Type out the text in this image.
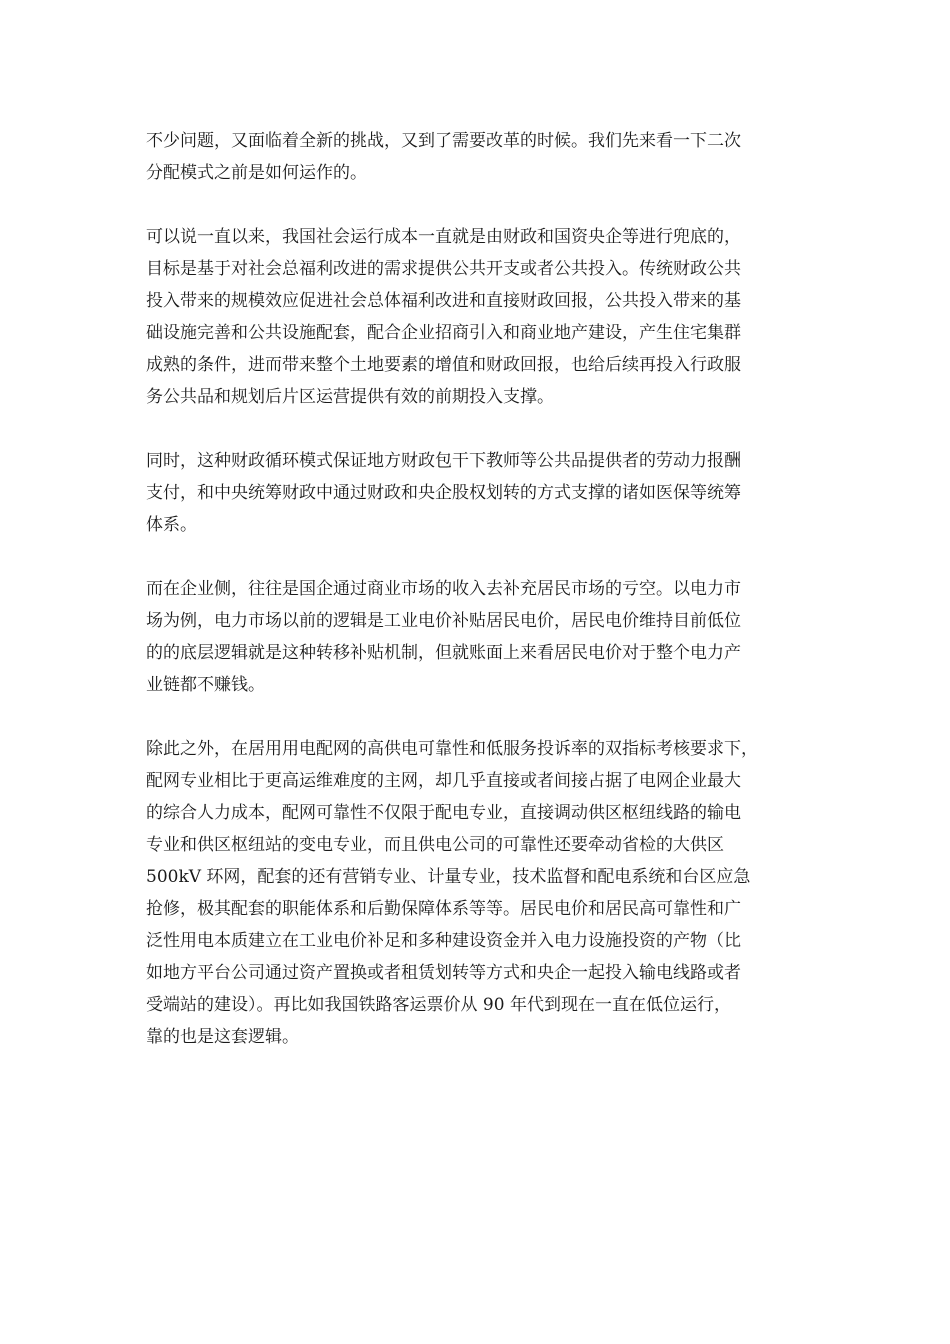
不少问题，又面临着全新的挑战，又到了需要改革的时候。我们先来看一下二次
分配模式之前是如何运作的。

可以说一直以来，我国社会运行成本一直就是由财政和国资央企等进行兜底的，
目标是基于对社会总福利改进的需求提供公共开支或者公共投入。传统财政公共
投入带来的规模效应促进社会总体福利改进和直接财政回报，公共投入带来的基
础设施完善和公共设施配套，配合企业招商引入和商业地产建设，产生住宅集群
成熟的条件，进而带来整个土地要素的增值和财政回报，也给后续再投入行政服
务公共品和规划后片区运营提供有效的前期投入支撑。

同时，这种财政循环模式保证地方财政包干下教师等公共品提供者的劳动力报酬
支付，和中央统筹财政中通过财政和央企股权划转的方式支撑的诸如医保等统筹
体系。

而在企业侧，往往是国企通过商业市场的收入去补充居民市场的亏空。以电力市
场为例，电力市场以前的逻辑是工业电价补贴居民电价，居民电价维持目前低位
的的底层逻辑就是这种转移补贴机制，但就账面上来看居民电价对于整个电力产
业链都不赚钱。

除此之外，在居用用电配网的高供电可靠性和低服务投诉率的双指标考核要求下，
配网专业相比于更高运维难度的主网，却几乎直接或者间接占据了电网企业最大
的综合人力成本，配网可靠性不仅限于配电专业，直接调动供区枢纽线路的输电
专业和供区枢纽站的变电专业，而且供电公司的可靠性还要牵动省检的大供区
500kV 环网，配套的还有营销专业、计量专业，技术监督和配电系统和台区应急
抢修，极其配套的职能体系和后勤保障体系等等。居民电价和居民高可靠性和广
泛性用电本质建立在工业电价补足和多种建设资金并入电力设施投资的产物（比
如地方平台公司通过资产置换或者租赁划转等方式和央企一起投入输电线路或者
受端站的建设）。再比如我国铁路客运票价从 90 年代到现在一直在低位运行，
靠的也是这套逻辑。
